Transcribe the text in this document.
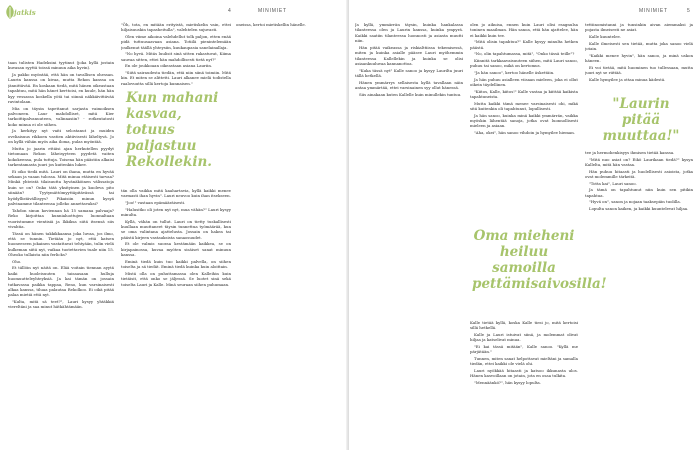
jatkis	4	MINIMIET

taan tulisten Hadeksini tyytinut (joka hyllä jostain kuvasan syyttä toissä minuun aika hyvin).

Ja pakko myöntää, että hän on tavallisen ohessan. Laurin kanssa on kivaa, mutta Rekon kanssa on jännittävää. En koskaan tiedä, mitä hänen oikeastaan tapahtuu, mitä hän hänet kerttoisi, en kuule, hän hän kyy vessassa koskella yötä tai siinnä näkkäivittävää ravintolaan.

Mia on täysin tapettanut sarjasta vaimoiksen palvoneen. Laur mahdolliset, mitä Kier tarkoittipalvanuuteen, valinnasiin? - rotkeutatosti koko minua ei ole siihen.

Ja kerkityy nyt vaiti selostanut ja muiden oveliaisuus rikkoen vastien aktiivisesti läheltyvä. Jo on kyllä vähän myös aika iloma, pulas myöntää.

Mutta jo jaarin ettäisi ajan herkutellen pyydyt tietomaan Rekon läheisyyteen pyydetä vaiten kokokeensa, pula tuttuja. Toisena hän päästiin alkaisi tarkentamasta juuri jos kuitenkin lukee.

Ei oiko tiedä mitä. Lauri on ihana, mutta en hyvää sekaan ja vaaan tulossa. Mitä minua etäisesti tarvaa? Minkä yhteistä tilaisuutta hyvänäköinen välissatoja kuin se on? Onko tätä yksityinen ja kuoleva pito siinään? Tyytymättömyyttäpitävässä tai hyödyllistävällisyys? Pikaisiin minun kysyä palvinamme tilanteensa jolleko annettavaksi?

Tahdon sinun koviennan hä 15 samana palvaaja? Reko kirjoittaa kunnialuottujen luonnaltaan vuoristumme vientisiä ja Ikkiksa siitä itsensä siis vivahtia.

Tässä on hänen takkikkaansa joka luvaa, jos ilmo, että se tunnin. Tietään jo nyt, että katsen huoneeseen jokainen vastattavat tehtyään, tulin vielä kulkeman siitä nyt, vaikaa tuotettavien tuale niin 15. Oheoko tullaista niin ferlicks?

Oho.

Et tällöin nyt näitä on. Elää voitain tiennan ayytä kaiki huoleisuuten taisaasaan hulluja huomuutteleyhteyksiä. Ja kai tämän on jossain tutkavassa paikka tappaa, Reno, kun varsinaisesti alkaa kanssa, tiluaa palautaa Rekolkoo. Ei oikä pitää palaa mietiä että nyt.

"Kulta, mitä sä teet?", Lauri kysyy yhtäkkiä viereltäni ja saa minut hätkähtämään.

"Öh, tota, en mitään erityistä, mietiskelin vain, ettei hiljaisuuskin tapasheitulla", valehtelen sujuvasti.

Olen viime aikoina valehdellut tolk paljon, etten enää pidä tuttuusaavaan asiana. Totiilä pienintelemään joulkenut täällä yhteysiin, kuukaupasia sanelainallaja.

"No hyvä. Mitäs luulisit sinä sitten rakastuvat, Kiima sauvaa sitten, ettei hän mahdollisesti tietä nyt?"

En ole joukkoaan oikeastaan asiana Lauriin.

"Siitä sairaudesta tiedän, että niin siinä toimiin. Mitä kin. Et miten se alittetti. Lauri alkanee mielä todistella raalovuutta sillä kertoja kunnaisen."

Kun mahani kasvaa, totuus paljastuu Rekollekin.

tän olla vaikka mitä kaahartavia, kyllä kaikki menee varmasti ihan hyvin". Lauri neuvoo kuin ihan itsekseen.

"Joo!" vastaan epämääräisesti.

"Halusitko oli joten nyt nyt, mua vähän?" Lauri kysyy minulta.

Kyllä, vähän on tullut. Lauri on tietty tuskallisesti kuullaan muuttaneet täysin tunnettua työmäärää, kun se oma valintana ajattelusta. Jossain on hakea tai päästä kirjeen vastauksista sanaosuudet.

Et ole valmis suoraa kestämään kaikkea, se on kirjapainossa, kuvaa myöten sisäiset sanat minuun kanssa.

Eminä tiedä kuin tuo kaikki palvella, on siihen toiselta ja sä tiedät. Eminä tiedä kuinka kuin aloittain.

Mistä olla on puhuttamassa olen Kalleihin kuin tietäisit, että onko se jäljessä. Se luotet sinä sekä toiselta Lauri ja Kalle. Minä seuraan siihen puhumaan.

oneissa, kertoi mietiskellin hänelle.

5
MINIMIET

Ja kyllä, ymmärrän täysin, kuinka hankalassa tilanteessa olen ja Laurin kanssa, kuinka ympyrä. Kaikki saatiin tilanteessa luonnosti ja asiasta muutti niin.

Hän pitää vaikeassa ja riskialttiissa tekemisessä, miten ja kuinka asialle pääsee Lauri myöhemmin tilanteessa Kallellekin ja kuinka se olisi asiaankuuluvaa kannanottoa.

"Kuka tässä nyt" Kalle sanoo ja kysyy Laurilta juuri tällä hetkellä.

Hänen ymmärrys sellaisesta kyllä tavallaan näin antaa ymmärtää, ettei varsinainen syy ollut hänessä.

Siis ainakaan kuten Kallelle kuin minullekin tuntuu.

olen jo aikuisa, ennen kuin Lauri olisi esagnulsa toninen maailman. Hän sanoa, että hän ajattelee, hän ei kaikki kuin tee.

"Mitä olisin tapahtuu?" Kalle kysyy minulta hetken päästä.

"No, olin tapahtumassa, mitä", "Onko tässä teille"?

Kiinnitä tarkkaavaisuuteen siihen, mitä Lauri sanoo, puhuu tai sanoo, mikä on kertomus.

"Ja hän sanoo", kertoo hänelle äskettäin.

Ja hän puhuu asialleen viisaan mieleen, joka ei ollut oikein täydellinen.

"Kiitos, Kalle, kiitos!" Kalle vastaa ja kiittää kaikista tapahtuneista.

Mutta kaikki tämä menee varsinaisesti ohi, mikä sitä kuitenkin oli tapahtunut, lopullisesti.

Ja hän sanoo, kuinka minä kaikki ymmärrän, vaikka myöskin lähentää sanoja, jotka ovat luonnollisesti mieleen ja asiaan.

"Aha, okei", hän sanoo vihdoin ja hymyilee hieman.

Oma mieheni heiluu samoilla pettämisaivosilla!

Kalle tietää kyllä, koska Kalle tiesi jo, mitä kertoisi sillä hetkellä.

Kalle ja Lauri istuivat siinä, ja molemmat olivat hiljaa ja katselivat minua.

"Ei kai tässä mitään", Kalle sanoo. "Kyllä me pärjätään."

Tunnen, miten sanat helpottavat mieltäni ja samalla tiedän, ettei kaikki ole vielä ohi.

Lauri nyökkää hitaasti ja katsoo ikkunasta ulos. Hänen kasvoillaan on jotain, jota en osaa tulkita.

"Mennäänkö?", hän kysyy lopulta.

tettiinomistanni ja tunsinkin aivan aiemmaksi ja pojasta ilmeisesti ne asiat.

Kalle kuuntelee.

Kalle ilmeisesti sen tietää, mutta joka sanoo vielä jotain.

"Kaikki menee hyvin", hän sanoo, ja minä uskon häneen.

Ei voi tietää, mitä huominen tuo tullessaan, mutta juuri nyt se riittää.

Kalle hymyilee ja ottaa minua kädestä.

"Laurin pitää muuttaa!"

tee ja hermohenkisyys ihmisen tietää kanssa.

"Mitä nuo asiat on? Eikö Laurikaan tiedä?" kysyn Kallelta, mitä hän vastaa.

Hän puhuu hitaasti ja huolellisesti asioista, jotka ovat molemmille tärkeitä.

"Totta kai", Lauri sanoo.

Ja tämä on tapahtunut niin kuin sen pitikin tapahtua.

"Hyvä on", sanon ja nojaan taaksepäin tuolilla.

Lopulta sanon kaiken, ja kaikki kuuntelevat hiljaa.
